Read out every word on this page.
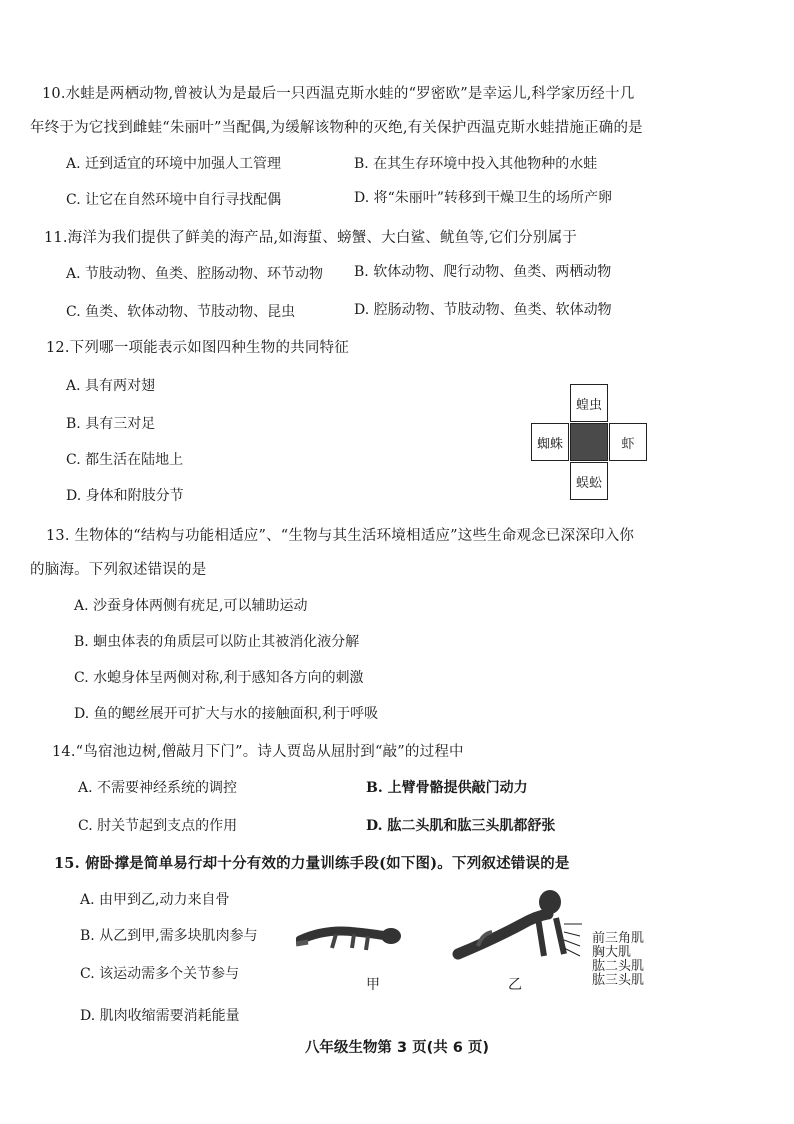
10.水蛙是两栖动物,曾被认为是最后一只西温克斯水蛙的“罗密欧”是幸运儿,科学家历经十几
年终于为它找到雌蛙“朱丽叶”当配偶,为缓解该物种的灭绝,有关保护西温克斯水蛙措施正确的是
A. 迁到适宜的环境中加强人工管理	B. 在其生存环境中投入其他物种的水蛙
C. 让它在自然环境中自行寻找配偶	D. 将“朱丽叶”转移到干燥卫生的场所产卵
11.海洋为我们提供了鲜美的海产品,如海蜇、螃蟹、大白鲨、鱿鱼等,它们分别属于
A. 节肢动物、鱼类、腔肠动物、环节动物 B. 软体动物、爬行动物、鱼类、两栖动物
C. 鱼类、软体动物、节肢动物、昆虫	D. 腔肠动物、节肢动物、鱼类、软体动物
12.下列哪一项能表示如图四种生物的共同特征
A. 具有两对翅
B. 具有三对足
C. 都生活在陆地上
D. 身体和附肢分节
蝗虫
蜘蛛	虾
蜈蚣
13. 生物体的“结构与功能相适应”、“生物与其生活环境相适应”这些生命观念已深深印入你
的脑海。下列叙述错误的是
A. 沙蚕身体两侧有疣足,可以辅助运动
B. 蛔虫体表的角质层可以防止其被消化液分解
C. 水螅身体呈两侧对称,利于感知各方向的刺激
D. 鱼的鳃丝展开可扩大与水的接触面积,利于呼吸
14.“鸟宿池边树,僧敲月下门”。诗人贾岛从屈肘到“敲”的过程中
A. 不需要神经系统的调控	B. 上臂骨骼提供敲门动力
C. 肘关节起到支点的作用	D. 肱二头肌和肱三头肌都舒张
15. 俯卧撑是简单易行却十分有效的力量训练手段(如下图)。下列叙述错误的是
A. 由甲到乙,动力来自骨
B. 从乙到甲,需多块肌肉参与
C. 该运动需多个关节参与
D. 肌肉收缩需要消耗能量
甲	乙
前三角肌
胸大肌
肱二头肌
肱三头肌
八年级生物第 3 页(共 6 页)
